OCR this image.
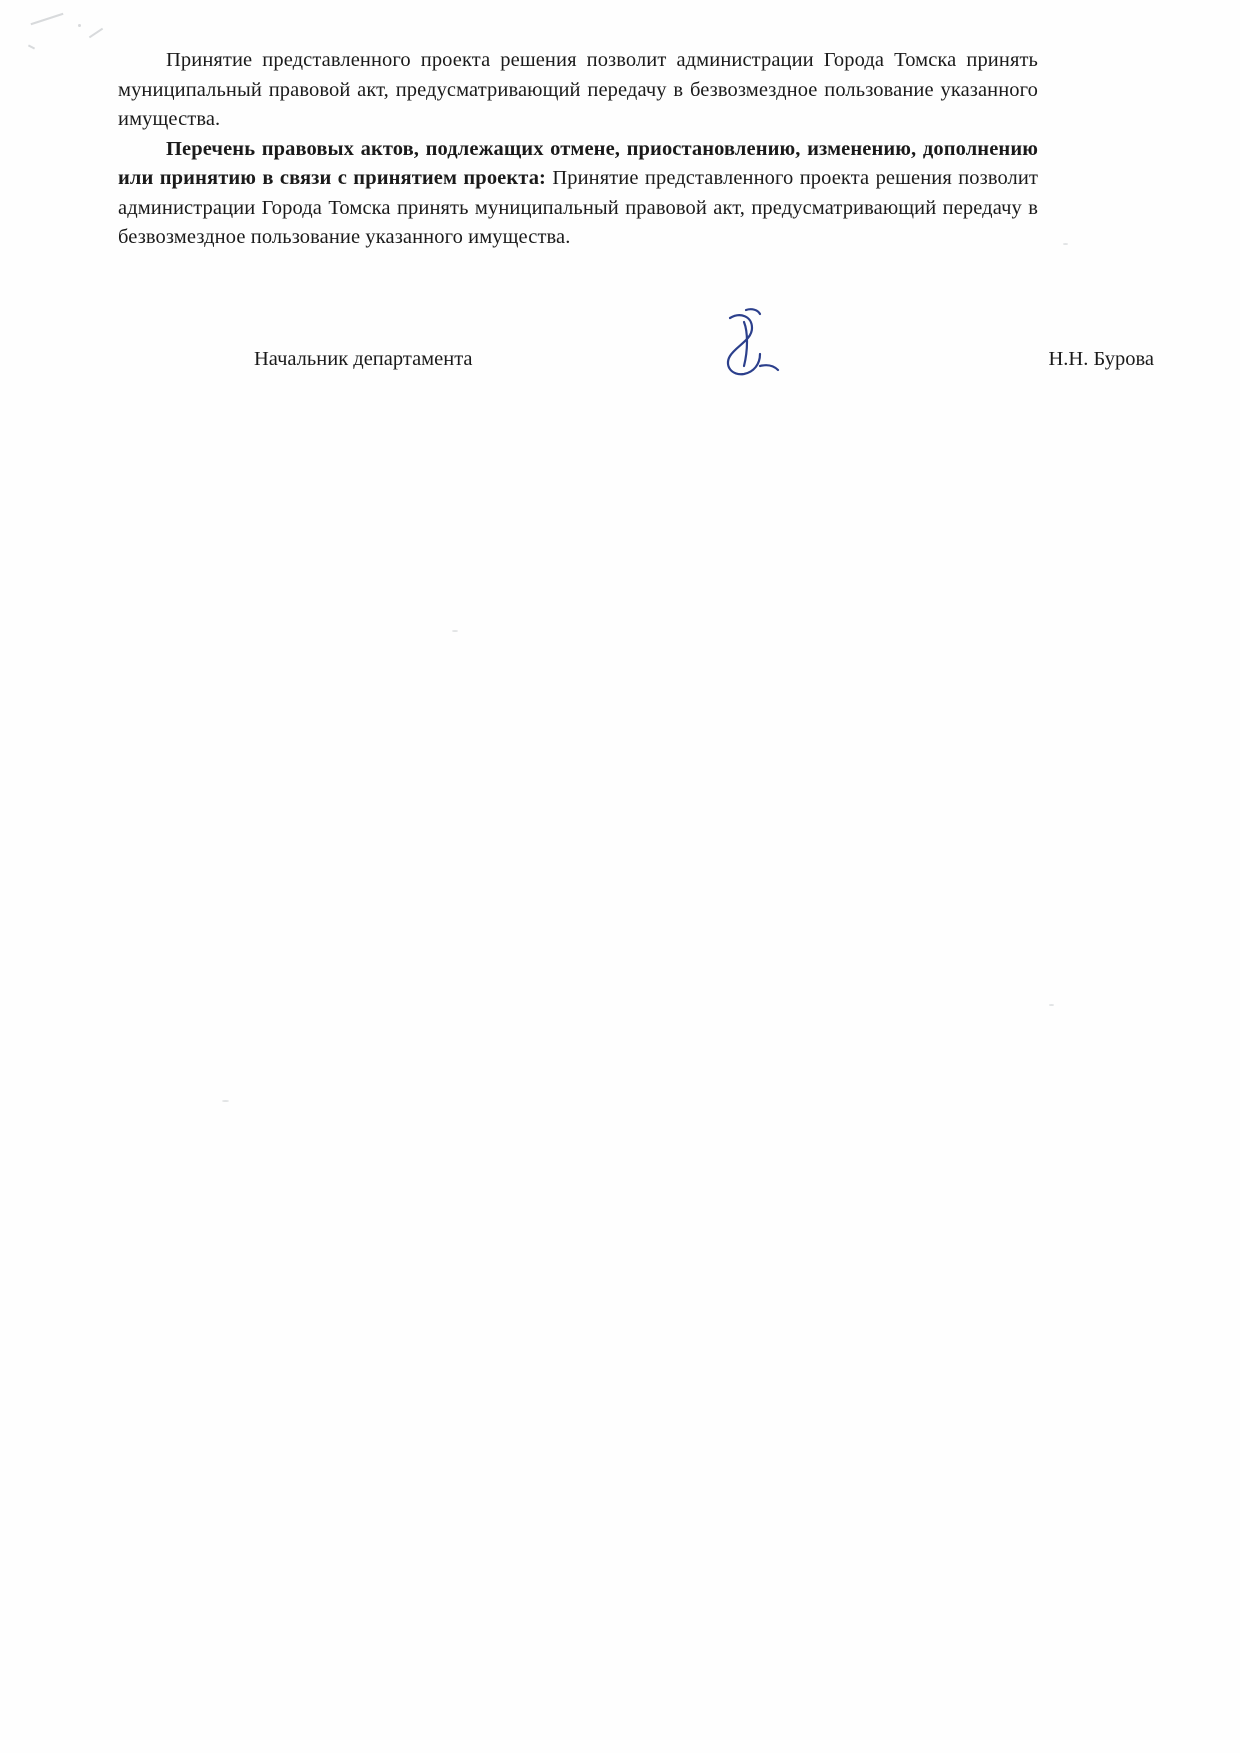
Принятие представленного проекта решения позволит администрации Города Томска принять муниципальный правовой акт, предусматривающий передачу в безвозмездное пользование указанного имущества.

Перечень правовых актов, подлежащих отмене, приостановлению, изменению, дополнению или принятию в связи с принятием проекта: Принятие представленного проекта решения позволит администрации Города Томска принять муниципальный правовой акт, предусматривающий передачу в безвозмездное пользование указанного имущества.

Начальник департамента	Н.Н. Бурова
